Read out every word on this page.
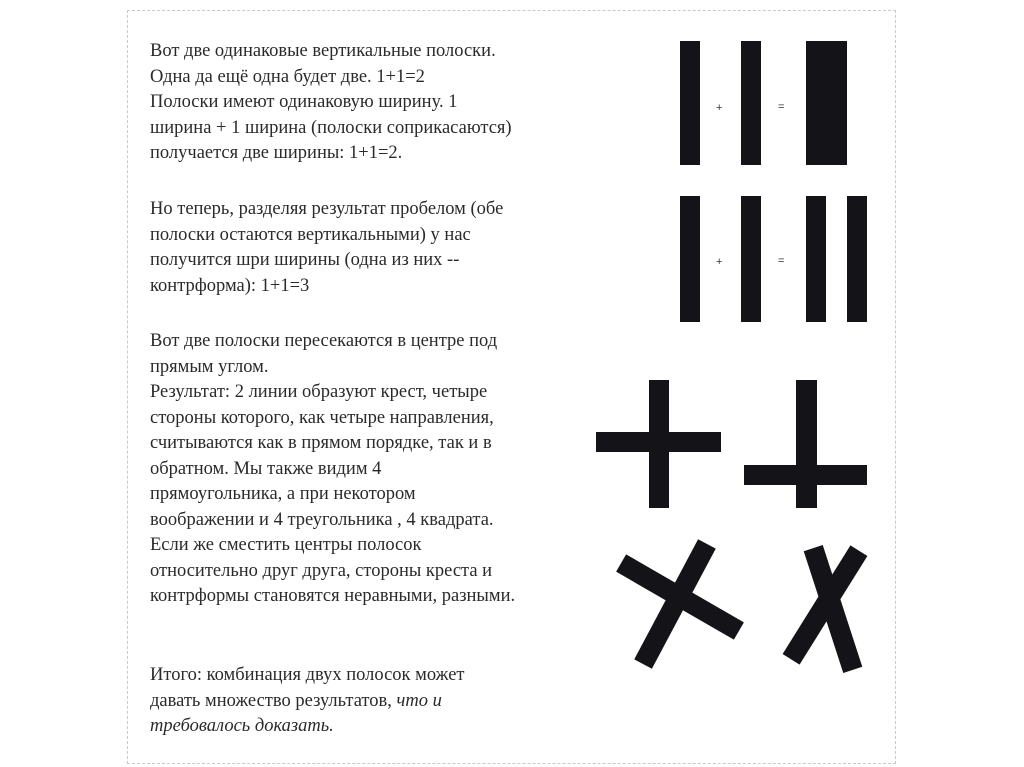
Вот две одинаковые вертикальные полоски.
Одна да ещё одна будет две. 1+1=2
Полоски имеют одинаковую ширину. 1
ширина + 1 ширина (полоски соприкасаются)
получается две ширины: 1+1=2.
Но теперь, разделяя результат пробелом (обе
полоски остаются вертикальными) у нас
получится шри ширины (одна из них --
контрформа): 1+1=3
Вот две полоски пересекаются в центре под
прямым углом.
Результат: 2 линии образуют крест, четыре
стороны которого, как четыре направления,
считываются как в прямом порядке, так и в
обратном. Мы также видим 4
прямоугольника, а при некотором
воображении и 4 треугольника , 4 квадрата.
Если же сместить центры полосок
относительно друг друга, стороны креста и
контрформы становятся неравными, разными.
Итого: комбинация двух полосок может
давать множество результатов, что и
требовалось доказать.
+	=
+	=
